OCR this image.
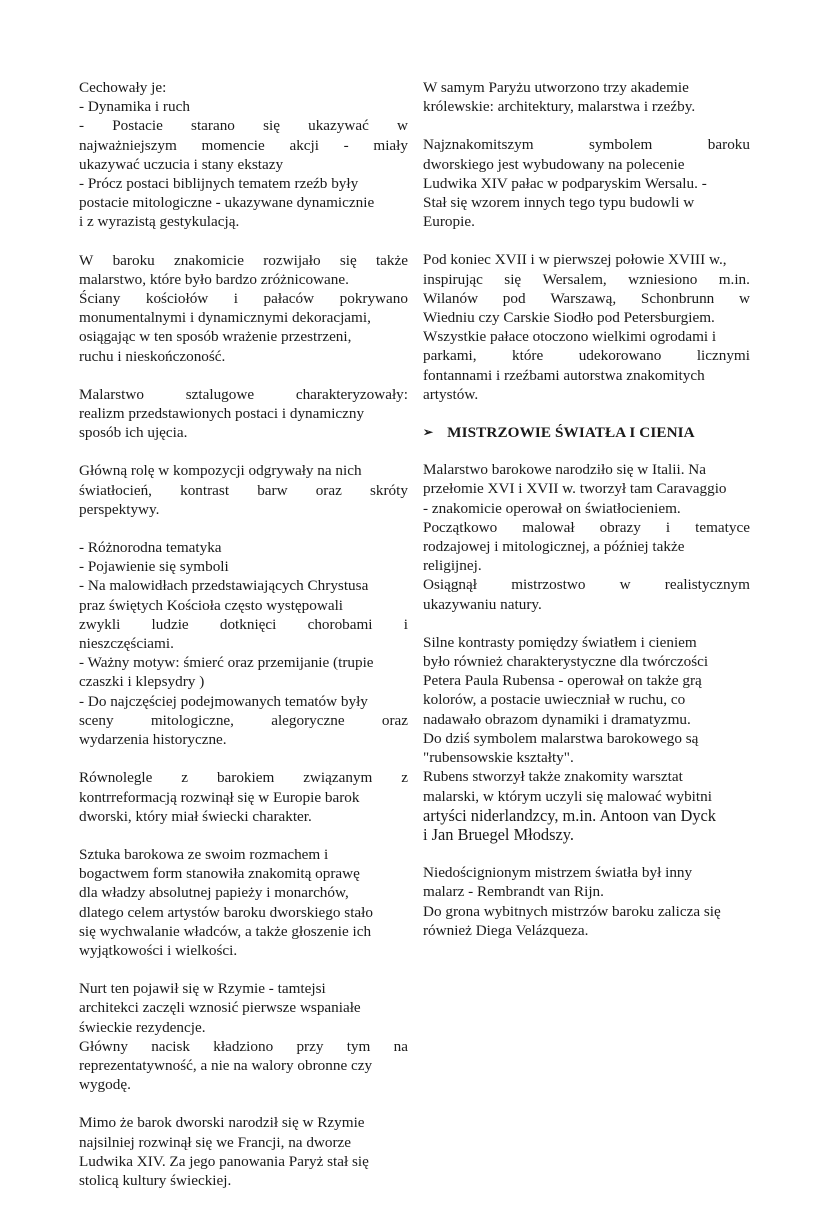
Cechowały je:
- Dynamika i ruch
- Postacie starano się ukazywać w
najważniejszym momencie akcji - miały
ukazywać uczucia i stany ekstazy
- Prócz postaci biblijnych tematem rzeźb były
postacie mitologiczne - ukazywane dynamicznie
i z wyrazistą gestykulacją.
W baroku znakomicie rozwijało się także
malarstwo, które było bardzo zróżnicowane.
Ściany kościołów i pałaców pokrywano
monumentalnymi i dynamicznymi dekoracjami,
osiągając w ten sposób wrażenie przestrzeni,
ruchu i nieskończoność.
Malarstwo	sztalugowe	charakteryzowały:
realizm przedstawionych postaci i dynamiczny
sposób ich ujęcia.
Główną rolę w kompozycji odgrywały na nich
światłocień, kontrast barw oraz skróty
perspektywy.
- Różnorodna tematyka
- Pojawienie się symboli
- Na malowidłach przedstawiających Chrystusa
praz świętych Kościoła często występowali
zwykli ludzie dotknięci chorobami i
nieszczęściami.
- Ważny motyw: śmierć oraz przemijanie (trupie
czaszki i klepsydry )
- Do najczęściej podejmowanych tematów były
sceny mitologiczne, alegoryczne oraz
wydarzenia historyczne.
Równolegle z barokiem związanym z
kontrreformacją rozwinął się w Europie barok
dworski, który miał świecki charakter.
Sztuka barokowa ze swoim rozmachem i
bogactwem form stanowiła znakomitą oprawę
dla władzy absolutnej papieży i monarchów,
dlatego celem artystów baroku dworskiego stało
się wychwalanie władców, a także głoszenie ich
wyjątkowości i wielkości.
Nurt ten pojawił się w Rzymie - tamtejsi
architekci zaczęli wznosić pierwsze wspaniałe
świeckie rezydencje.
Główny nacisk kładziono przy tym na
reprezentatywność, a nie na walory obronne czy
wygodę.
Mimo że barok dworski narodził się w Rzymie
najsilniej rozwinął się we Francji, na dworze
Ludwika XIV. Za jego panowania Paryż stał się
stolicą kultury świeckiej.
W samym Paryżu utworzono trzy akademie
królewskie: architektury, malarstwa i rzeźby.
Najznakomitszym	symbolem	baroku
dworskiego jest wybudowany na polecenie
Ludwika XIV pałac w podparyskim Wersalu. -
Stał się wzorem innych tego typu budowli w
Europie.
Pod koniec XVII i w pierwszej połowie XVIII w.,
inspirując się Wersalem, wzniesiono m.in.
Wilanów pod Warszawą, Schonbrunn w
Wiedniu czy Carskie Siodło pod Petersburgiem.
Wszystkie pałace otoczono wielkimi ogrodami i
parkami, które udekorowano licznymi
fontannami i rzeźbami autorstwa znakomitych
artystów.
➢ MISTRZOWIE ŚWIATŁA I CIENIA
Malarstwo barokowe narodziło się w Italii. Na
przełomie XVI i XVII w. tworzył tam Caravaggio
- znakomicie operował on światłocieniem.
Początkowo malował obrazy i tematyce
rodzajowej i mitologicznej, a później także
religijnej.
Osiągnął mistrzostwo w realistycznym
ukazywaniu natury.
Silne kontrasty pomiędzy światłem i cieniem
było również charakterystyczne dla twórczości
Petera Paula Rubensa - operował on także grą
kolorów, a postacie uwieczniał w ruchu, co
nadawało obrazom dynamiki i dramatyzmu.
Do dziś symbolem malarstwa barokowego są
"rubensowskie kształty".
Rubens stworzył także znakomity warsztat
malarski, w którym uczyli się malować wybitni
artyści niderlandzcy, m.in. Antoon van Dyck
i Jan Bruegel Młodszy.
Niedoścignionym mistrzem światła był inny
malarz - Rembrandt van Rijn.
Do grona wybitnych mistrzów baroku zalicza się
również Diega Velázqueza.
